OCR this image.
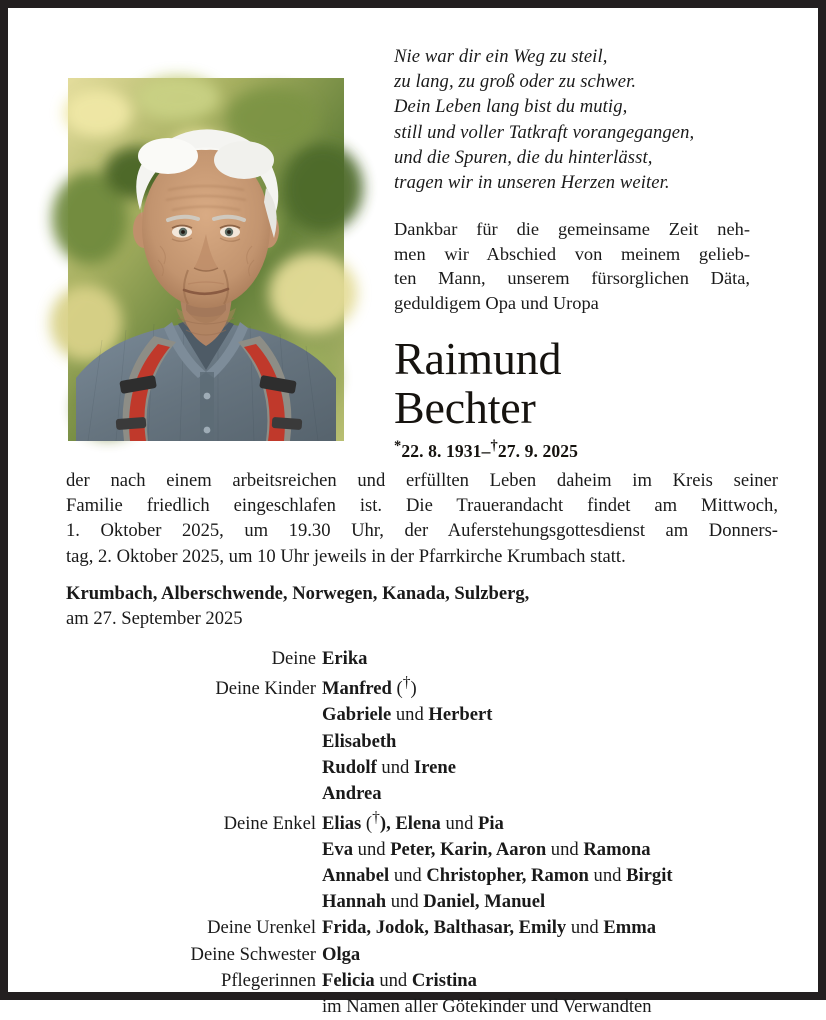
Nie war dir ein Weg zu steil,
zu lang, zu groß oder zu schwer.
Dein Leben lang bist du mutig,
still und voller Tatkraft vorangegangen,
und die Spuren, die du hinterlässt,
tragen wir in unseren Herzen weiter.
Dankbar für die gemeinsame Zeit neh-
men wir Abschied von meinem gelieb-
ten Mann, unserem fürsorglichen Däta,
geduldigem Opa und Uropa
Raimund
Bechter
*22. 8. 1931–†27. 9. 2025
der nach einem arbeitsreichen und erfüllten Leben daheim im Kreis seiner
Familie friedlich eingeschlafen ist. Die Trauerandacht findet am Mittwoch,
1. Oktober 2025, um 19.30 Uhr, der Auferstehungsgottesdienst am Donners-
tag, 2. Oktober 2025, um 10 Uhr jeweils in der Pfarrkirche Krumbach statt.
Krumbach, Alberschwende, Norwegen, Kanada, Sulzberg,
am 27. September 2025
Deine Erika
Deine Kinder Manfred (†)
Gabriele und Herbert
Elisabeth
Rudolf und Irene
Andrea
Deine Enkel Elias (†), Elena und Pia
Eva und Peter, Karin, Aaron und Ramona
Annabel und Christopher, Ramon und Birgit
Hannah und Daniel, Manuel
Deine Urenkel Frida, Jodok, Balthasar, Emily und Emma
Deine Schwester Olga
Pflegerinnen Felicia und Cristina
im Namen aller Götekinder und Verwandten
